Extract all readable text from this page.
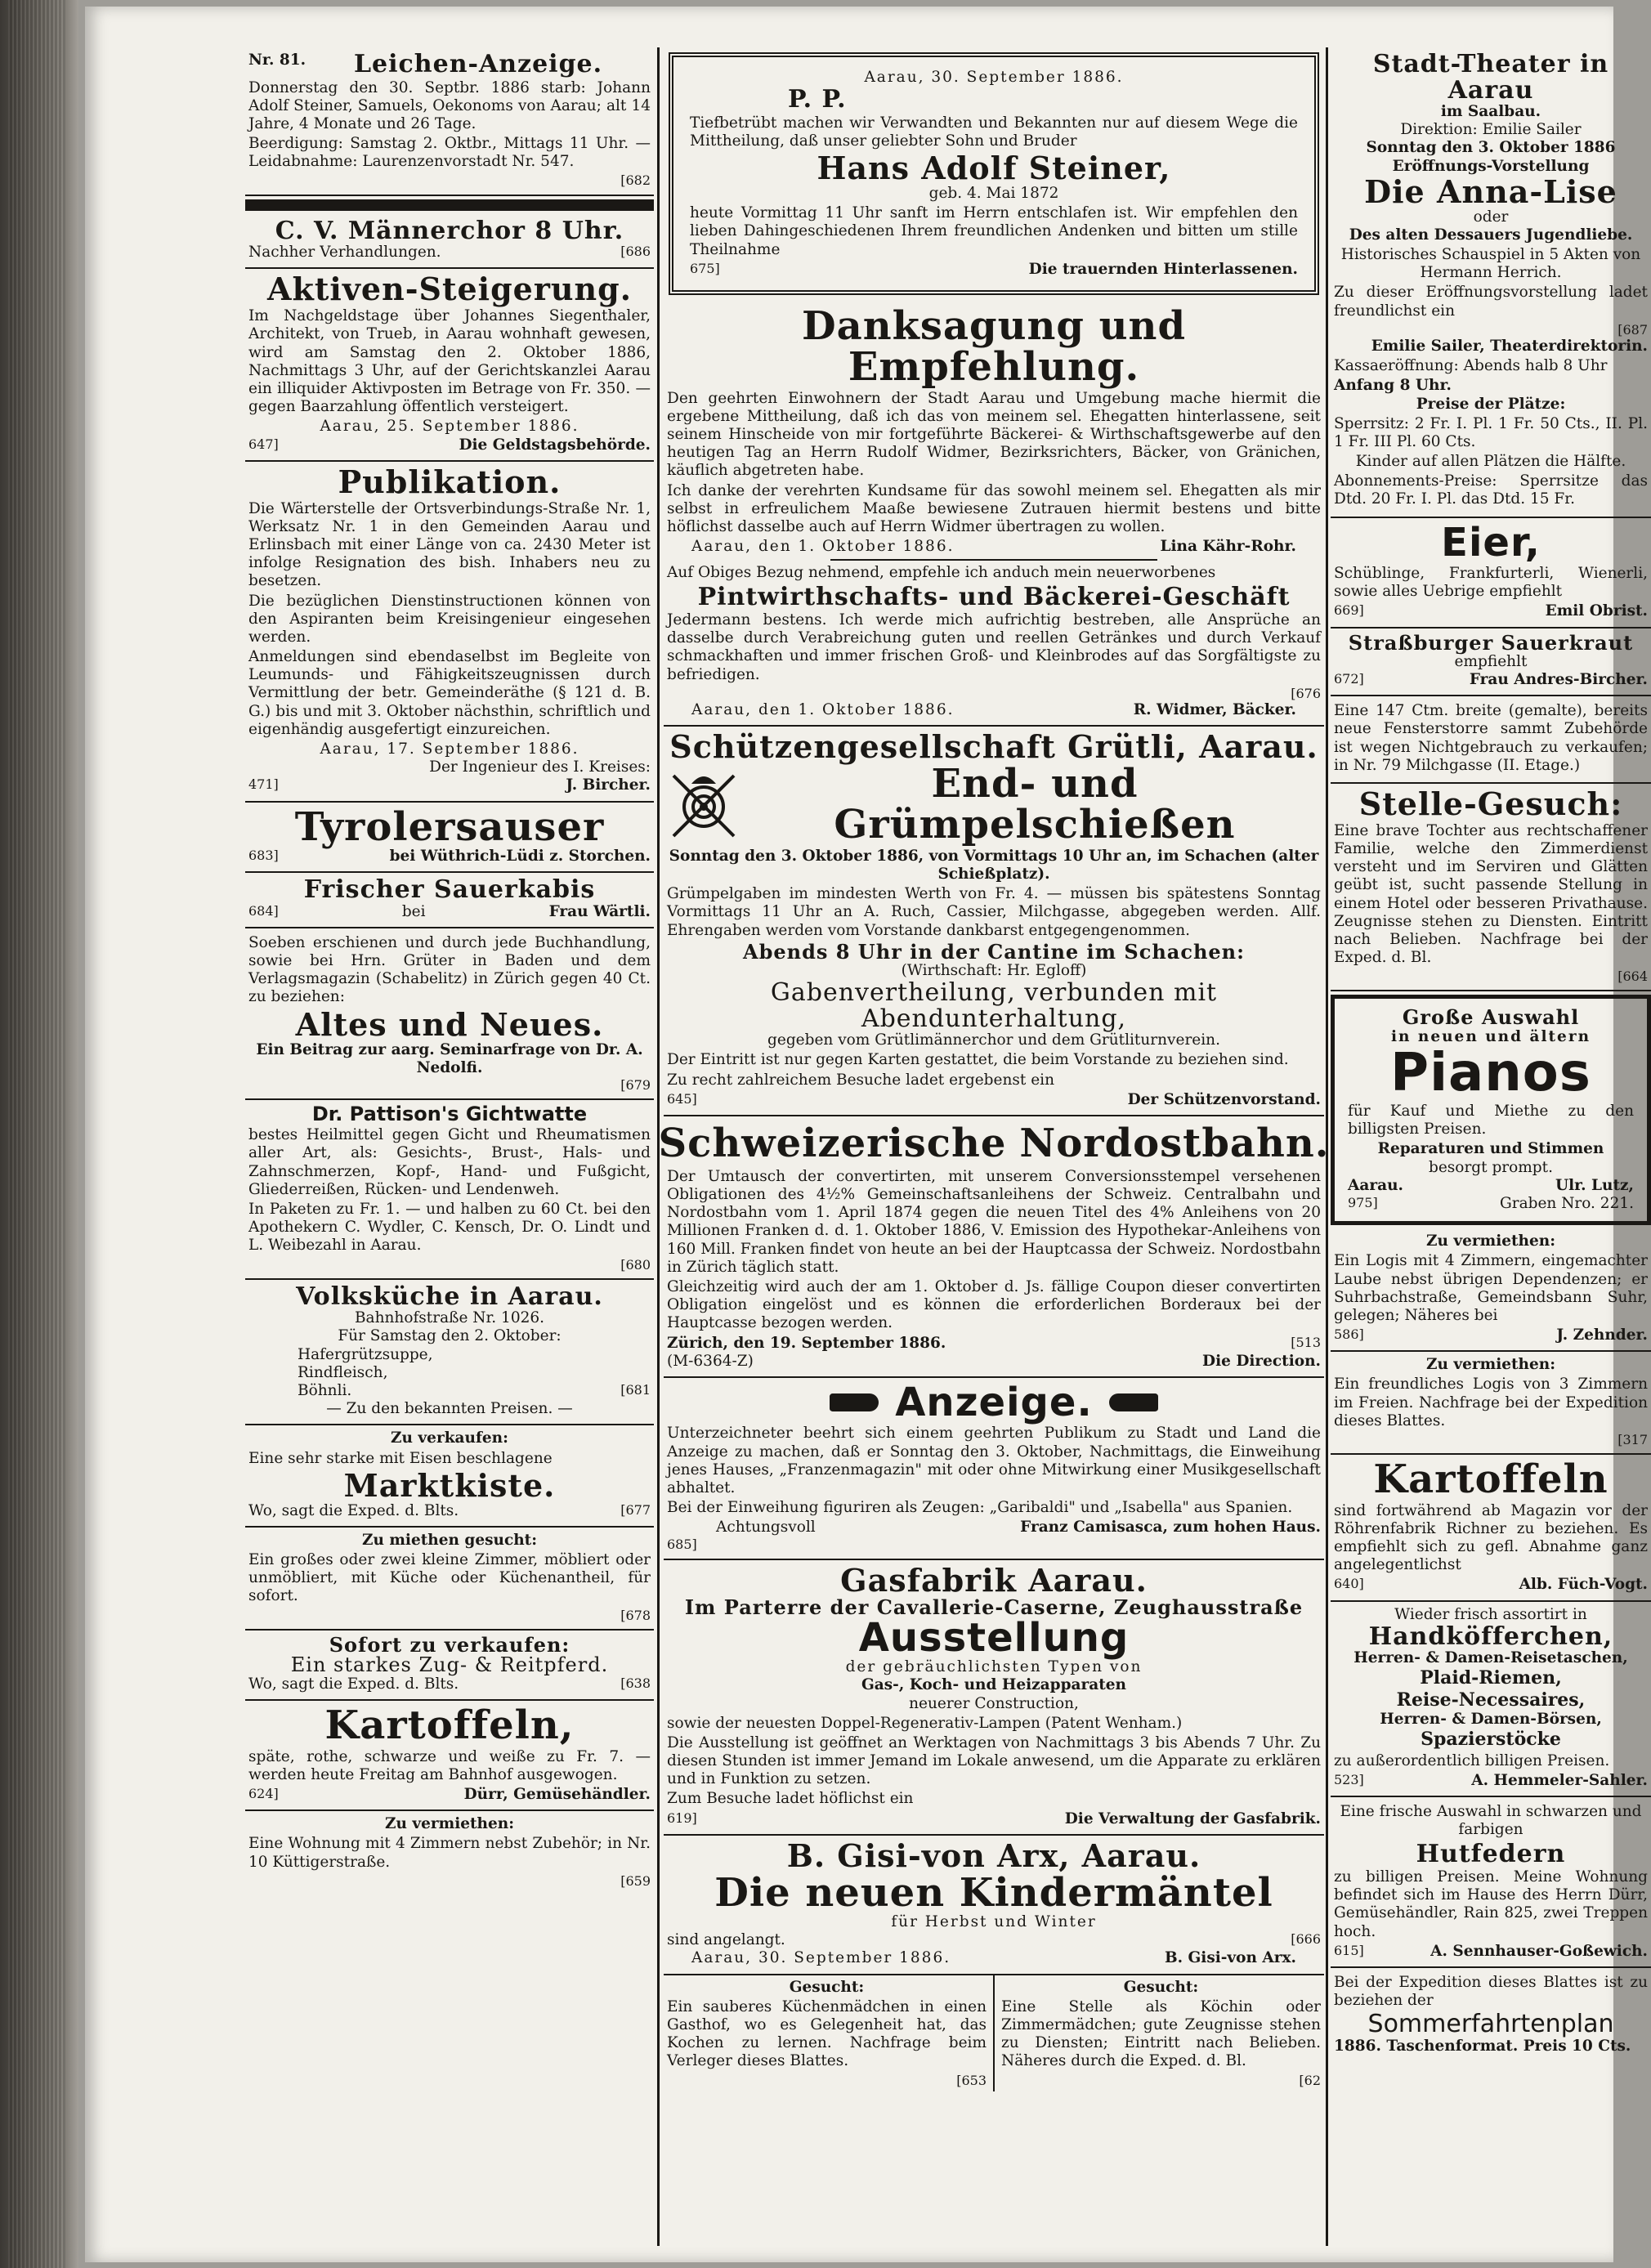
Nr. 81.	Leichen-Anzeige.
Donnerstag den 30. Septbr. 1886 starb: Johann Adolf Steiner, Samuels, Oekonoms von Aarau; alt 14 Jahre, 4 Monate und 26 Tage.
Beerdigung: Samstag 2. Oktbr., Mittags 11 Uhr. — Leidabnahme: Laurenzenvorstadt Nr. 547.
[682
C. V. Männerchor 8 Uhr.
Nachher Verhandlungen.	[686
Aktiven-Steigerung.
Im Nachgeldstage über Johannes Siegenthaler, Architekt, von Trueb, in Aarau wohnhaft gewesen, wird am Samstag den 2. Oktober 1886, Nachmittags 3 Uhr, auf der Gerichtskanzlei Aarau ein illiquider Aktivposten im Betrage von Fr. 350. — gegen Baarzahlung öffentlich versteigert.
Aarau, 25. September 1886.
647]	Die Geldstagsbehörde.
Publikation.
Die Wärterstelle der Ortsverbindungs-Straße Nr. 1, Werksatz Nr. 1 in den Gemeinden Aarau und Erlinsbach mit einer Länge von ca. 2430 Meter ist infolge Resignation des bish. Inhabers neu zu besetzen.
Die bezüglichen Dienstinstructionen können von den Aspiranten beim Kreisingenieur eingesehen werden.
Anmeldungen sind ebendaselbst im Begleite von Leumunds- und Fähigkeitszeugnissen durch Vermittlung der betr. Gemeinderäthe (§ 121 d. B. G.) bis und mit 3. Oktober nächsthin, schriftlich und eigenhändig ausgefertigt einzureichen.
Aarau, 17. September 1886.
Der Ingenieur des I. Kreises:
471]	J. Bircher.
Tyrolersauser
683]	bei Wüthrich-Lüdi z. Storchen.
Frischer Sauerkabis
684]	bei	Frau Wärtli.
Soeben erschienen und durch jede Buchhandlung, sowie bei Hrn. Grüter in Baden und dem Verlagsmagazin (Schabelitz) in Zürich gegen 40 Ct. zu beziehen:
Altes und Neues.
Ein Beitrag zur aarg. Seminarfrage von Dr. A. Nedolfi.
[679
Dr. Pattison's Gichtwatte
bestes Heilmittel gegen Gicht und Rheumatismen aller Art, als: Gesichts-, Brust-, Hals- und Zahnschmerzen, Kopf-, Hand- und Fußgicht, Gliederreißen, Rücken- und Lendenweh.
In Paketen zu Fr. 1. — und halben zu 60 Ct. bei den Apothekern C. Wydler, C. Kensch, Dr. O. Lindt und L. Weibezahl in Aarau.
[680
Volksküche in Aarau.
Bahnhofstraße Nr. 1026.
Für Samstag den 2. Oktober:
Hafergrützsuppe,
Rindfleisch,
Böhnli.	[681
— Zu den bekannten Preisen. —
Zu verkaufen:
Eine sehr starke mit Eisen beschlagene
Marktkiste.
Wo, sagt die Exped. d. Blts.	[677
Zu miethen gesucht:
Ein großes oder zwei kleine Zimmer, möbliert oder unmöbliert, mit Küche oder Küchenantheil, für sofort.
[678
Sofort zu verkaufen:
Ein starkes Zug- & Reitpferd.
Wo, sagt die Exped. d. Blts.	[638
Kartoffeln,
späte, rothe, schwarze und weiße zu Fr. 7. — werden heute Freitag am Bahnhof ausgewogen.
624]	Dürr, Gemüsehändler.
Zu vermiethen:
Eine Wohnung mit 4 Zimmern nebst Zubehör; in Nr. 10 Küttigerstraße.
[659
Aarau, 30. September 1886.
P. P.
Tiefbetrübt machen wir Verwandten und Bekannten nur auf diesem Wege die Mittheilung, daß unser geliebter Sohn und Bruder
Hans Adolf Steiner,
geb. 4. Mai 1872
heute Vormittag 11 Uhr sanft im Herrn entschlafen ist. Wir empfehlen den lieben Dahingeschiedenen Ihrem freundlichen Andenken und bitten um stille Theilnahme
675]	Die trauernden Hinterlassenen.
Danksagung und Empfehlung.
Den geehrten Einwohnern der Stadt Aarau und Umgebung mache hiermit die ergebene Mittheilung, daß ich das von meinem sel. Ehegatten hinterlassene, seit seinem Hinscheide von mir fortgeführte Bäckerei- & Wirthschaftsgewerbe auf den heutigen Tag an Herrn Rudolf Widmer, Bezirksrichters, Bäcker, von Gränichen, käuflich abgetreten habe.
Ich danke der verehrten Kundsame für das sowohl meinem sel. Ehegatten als mir selbst in erfreulichem Maaße bewiesene Zutrauen hiermit bestens und bitte höflichst dasselbe auch auf Herrn Widmer übertragen zu wollen.
Aarau, den 1. Oktober 1886.	Lina Kähr-Rohr.
Auf Obiges Bezug nehmend, empfehle ich anduch mein neuerworbenes
Pintwirthschafts- und Bäckerei-Geschäft
Jedermann bestens. Ich werde mich aufrichtig bestreben, alle Ansprüche an dasselbe durch Verabreichung guten und reellen Getränkes und durch Verkauf schmackhaften und immer frischen Groß- und Kleinbrodes auf das Sorgfältigste zu befriedigen.
[676
Aarau, den 1. Oktober 1886.	R. Widmer, Bäcker.
Schützengesellschaft Grütli, Aarau.
End- und Grümpelschießen
Sonntag den 3. Oktober 1886, von Vormittags 10 Uhr an, im Schachen (alter Schießplatz).
Grümpelgaben im mindesten Werth von Fr. 4. — müssen bis spätestens Sonntag Vormittags 11 Uhr an A. Ruch, Cassier, Milchgasse, abgegeben werden. Allf. Ehrengaben werden vom Vorstande dankbarst entgegengenommen.
Abends 8 Uhr in der Cantine im Schachen:
(Wirthschaft: Hr. Egloff)
Gabenvertheilung, verbunden mit Abendunterhaltung,
gegeben vom Grütlimännerchor und dem Grütliturnverein.
Der Eintritt ist nur gegen Karten gestattet, die beim Vorstande zu beziehen sind.
Zu recht zahlreichem Besuche ladet ergebenst ein
645]	Der Schützenvorstand.
Schweizerische Nordostbahn.
Der Umtausch der convertirten, mit unserem Conversionsstempel versehenen Obligationen des 4½% Gemeinschaftsanleihens der Schweiz. Centralbahn und Nordostbahn vom 1. April 1874 gegen die neuen Titel des 4% Anleihens von 20 Millionen Franken d. d. 1. Oktober 1886, V. Emission des Hypothekar-Anleihens von 160 Mill. Franken findet von heute an bei der Hauptcassa der Schweiz. Nordostbahn in Zürich täglich statt.
Gleichzeitig wird auch der am 1. Oktober d. Js. fällige Coupon dieser convertirten Obligation eingelöst und es können die erforderlichen Borderaux bei der Hauptcasse bezogen werden.
Zürich, den 19. September 1886.	[513
(M-6364-Z)	Die Direction.
Anzeige.
Unterzeichneter beehrt sich einem geehrten Publikum zu Stadt und Land die Anzeige zu machen, daß er Sonntag den 3. Oktober, Nachmittags, die Einweihung jenes Hauses, „Franzenmagazin" mit oder ohne Mitwirkung einer Musikgesellschaft abhaltet.
Bei der Einweihung figuriren als Zeugen: „Garibaldi" und „Isabella" aus Spanien.
Achtungsvoll	Franz Camisasca, zum hohen Haus.
685]
Gasfabrik Aarau.
Im Parterre der Cavallerie-Caserne, Zeughausstraße
Ausstellung
der gebräuchlichsten Typen von
Gas-, Koch- und Heizapparaten
neuerer Construction,
sowie der neuesten Doppel-Regenerativ-Lampen (Patent Wenham.)
Die Ausstellung ist geöffnet an Werktagen von Nachmittags 3 bis Abends 7 Uhr. Zu diesen Stunden ist immer Jemand im Lokale anwesend, um die Apparate zu erklären und in Funktion zu setzen.
Zum Besuche ladet höflichst ein
619]	Die Verwaltung der Gasfabrik.
B. Gisi-von Arx, Aarau.
Die neuen Kindermäntel
für Herbst und Winter
sind angelangt.	[666
Aarau, 30. September 1886.	B. Gisi-von Arx.
Gesucht:
Ein sauberes Küchenmädchen in einen Gasthof, wo es Gelegenheit hat, das Kochen zu lernen. Nachfrage beim Verleger dieses Blattes.
[653
Gesucht:
Eine Stelle als Köchin oder Zimmermädchen; gute Zeugnisse stehen zu Diensten; Eintritt nach Belieben. Näheres durch die Exped. d. Bl.
[62
Stadt-Theater in Aarau
im Saalbau.
Direktion: Emilie Sailer
Sonntag den 3. Oktober 1886
Eröffnungs-Vorstellung
Die Anna-Lise
oder
Des alten Dessauers Jugendliebe.
Historisches Schauspiel in 5 Akten von Hermann Herrich.
Zu dieser Eröffnungsvorstellung ladet freundlichst ein
[687
Emilie Sailer, Theaterdirektorin.
Kassaeröffnung: Abends halb 8 Uhr
Anfang 8 Uhr.
Preise der Plätze:
Sperrsitz: 2 Fr. I. Pl. 1 Fr. 50 Cts., II. Pl. 1 Fr. III Pl. 60 Cts.
Kinder auf allen Plätzen die Hälfte.
Abonnements-Preise: Sperrsitze das Dtd. 20 Fr. I. Pl. das Dtd. 15 Fr.
Eier,
Schüblinge, Frankfurterli, Wienerli, sowie alles Uebrige empfiehlt
669]	Emil Obrist.
Straßburger Sauerkraut
empfiehlt
672]	Frau Andres-Bircher.
Eine 147 Ctm. breite (gemalte), bereits neue Fensterstorre sammt Zubehörde ist wegen Nichtgebrauch zu verkaufen; in Nr. 79 Milchgasse (II. Etage.)
Stelle-Gesuch:
Eine brave Tochter aus rechtschaffener Familie, welche den Zimmerdienst versteht und im Serviren und Glätten geübt ist, sucht passende Stellung in einem Hotel oder besseren Privathause. Zeugnisse stehen zu Diensten. Eintritt nach Belieben. Nachfrage bei der Exped. d. Bl.
[664
Große Auswahl
in neuen und ältern
Pianos
für Kauf und Miethe zu den billigsten Preisen.
Reparaturen und Stimmen
besorgt prompt.
Aarau.	Ulr. Lutz,
975]	Graben Nro. 221.
Zu vermiethen:
Ein Logis mit 4 Zimmern, eingemachter Laube nebst übrigen Dependenzen; er Suhrbachstraße, Gemeindsbann Suhr, gelegen; Näheres bei
586]	J. Zehnder.
Zu vermiethen:
Ein freundliches Logis von 3 Zimmern im Freien. Nachfrage bei der Expedition dieses Blattes.
[317
Kartoffeln
sind fortwährend ab Magazin vor der Röhrenfabrik Richner zu beziehen. Es empfiehlt sich zu gefl. Abnahme ganz angelegentlichst
640]	Alb. Füch-Vogt.
Wieder frisch assortirt in
Handköfferchen,
Herren- & Damen-Reisetaschen,
Plaid-Riemen,
Reise-Necessaires,
Herren- & Damen-Börsen,
Spazierstöcke
zu außerordentlich billigen Preisen.
523]	A. Hemmeler-Sahler.
Eine frische Auswahl in schwarzen und farbigen
Hutfedern
zu billigen Preisen. Meine Wohnung befindet sich im Hause des Herrn Dürr, Gemüsehändler, Rain 825, zwei Treppen hoch.
615]	A. Sennhauser-Goßewich.
Bei der Expedition dieses Blattes ist zu beziehen der
Sommerfahrtenplan
1886. Taschenformat. Preis 10 Cts.
